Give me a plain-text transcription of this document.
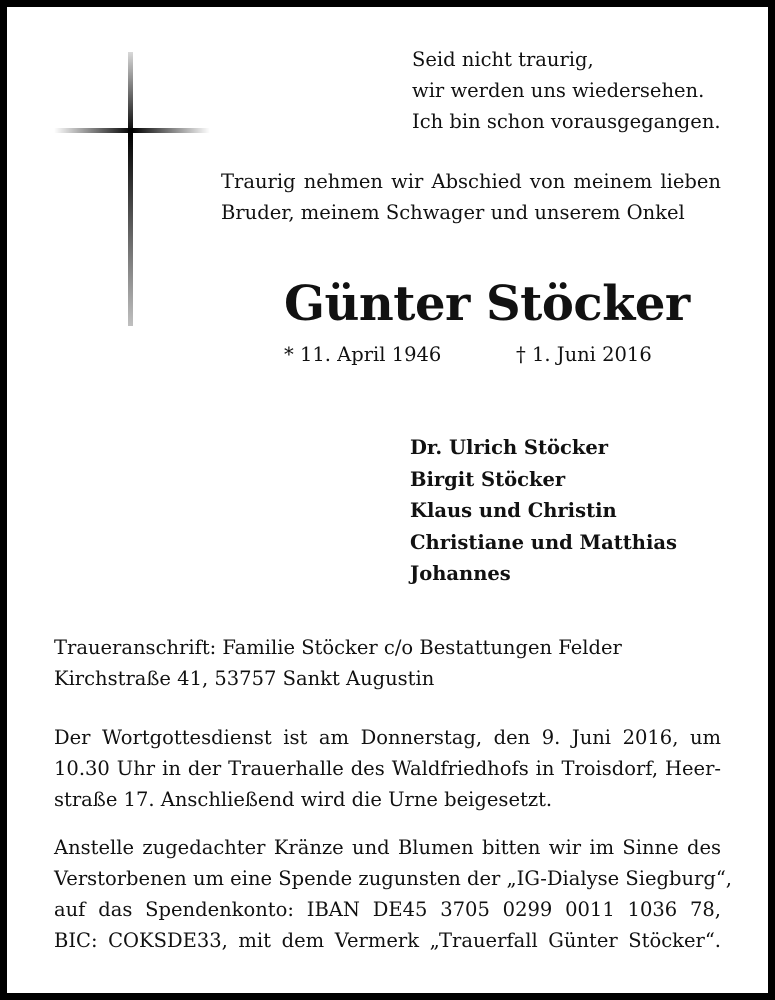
Seid nicht traurig,
wir werden uns wiedersehen.
Ich bin schon vorausgegangen.
Traurig nehmen wir Abschied von meinem lieben
Bruder, meinem Schwager und unserem Onkel
Günter Stöcker
* 11. April 1946	† 1. Juni 2016
Dr. Ulrich Stöcker
Birgit Stöcker
Klaus und Christin
Christiane und Matthias
Johannes
Traueranschrift: Familie Stöcker c/o Bestattungen Felder
Kirchstraße 41, 53757 Sankt Augustin
Der Wortgottesdienst ist am Donnerstag, den 9. Juni 2016, um
10.30 Uhr in der Trauerhalle des Waldfriedhofs in Troisdorf, Heer-
straße 17. Anschließend wird die Urne beigesetzt.
Anstelle zugedachter Kränze und Blumen bitten wir im Sinne des
Verstorbenen um eine Spende zugunsten der „IG-Dialyse Siegburg“,
auf das Spendenkonto: IBAN DE45 3705 0299 0011 1036 78,
BIC: COKSDE33, mit dem Vermerk „Trauerfall Günter Stöcker“.
